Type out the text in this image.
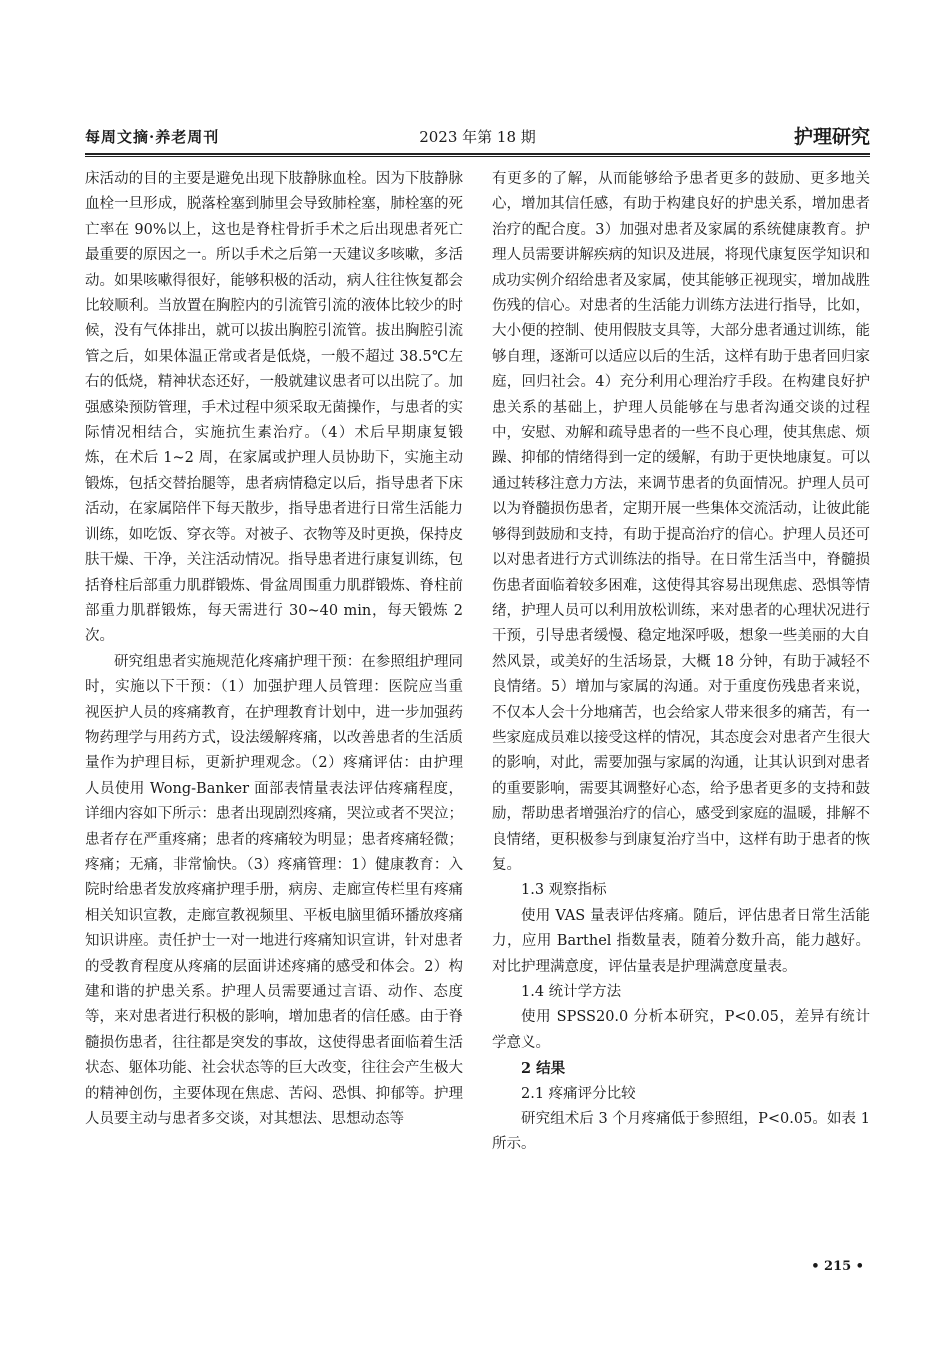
2023 年第 18 期
每周文摘·养老周刊	护理研究

床活动的目的主要是避免出现下肢静脉血栓。因为下肢静脉血栓一旦形成，脱落栓塞到肺里会导致肺栓塞，肺栓塞的死亡率在 90%以上，这也是脊柱骨折手术之后出现患者死亡最重要的原因之一。所以手术之后第一天建议多咳嗽，多活动。如果咳嗽得很好，能够积极的活动，病人往往恢复都会比较顺利。当放置在胸腔内的引流管引流的液体比较少的时候，没有气体排出，就可以拔出胸腔引流管。拔出胸腔引流管之后，如果体温正常或者是低烧，一般不超过 38.5℃左右的低烧，精神状态还好，一般就建议患者可以出院了。加强感染预防管理，手术过程中须采取无菌操作，与患者的实际情况相结合，实施抗生素治疗。（4）术后早期康复锻炼，在术后 1~2 周，在家属或护理人员协助下，实施主动锻炼，包括交替抬腿等，患者病情稳定以后，指导患者下床活动，在家属陪伴下每天散步，指导患者进行日常生活能力训练，如吃饭、穿衣等。对被子、衣物等及时更换，保持皮肤干燥、干净，关注活动情况。指导患者进行康复训练，包括脊柱后部重力肌群锻炼、骨盆周围重力肌群锻炼、脊柱前部重力肌群锻炼，每天需进行 30~40 min，每天锻炼 2 次。

研究组患者实施规范化疼痛护理干预：在参照组护理同时，实施以下干预：（1）加强护理人员管理：医院应当重视医护人员的疼痛教育，在护理教育计划中，进一步加强药物药理学与用药方式，设法缓解疼痛，以改善患者的生活质量作为护理目标，更新护理观念。（2）疼痛评估：由护理人员使用 Wong-Banker 面部表情量表法评估疼痛程度，详细内容如下所示：患者出现剧烈疼痛，哭泣或者不哭泣；患者存在严重疼痛；患者的疼痛较为明显；患者疼痛轻微；疼痛；无痛，非常愉快。（3）疼痛管理：1）健康教育：入院时给患者发放疼痛护理手册，病房、走廊宣传栏里有疼痛相关知识宣教，走廊宣教视频里、平板电脑里循环播放疼痛知识讲座。责任护士一对一地进行疼痛知识宣讲，针对患者的受教育程度从疼痛的层面讲述疼痛的感受和体会。2）构建和谐的护患关系。护理人员需要通过言语、动作、态度等，来对患者进行积极的影响，增加患者的信任感。由于脊髓损伤患者，往往都是突发的事故，这使得患者面临着生活状态、躯体功能、社会状态等的巨大改变，往往会产生极大的精神创伤，主要体现在焦虑、苦闷、恐惧、抑郁等。护理人员要主动与患者多交谈，对其想法、思想动态等

有更多的了解，从而能够给予患者更多的鼓励、更多地关心，增加其信任感，有助于构建良好的护患关系，增加患者治疗的配合度。3）加强对患者及家属的系统健康教育。护理人员需要讲解疾病的知识及进展，将现代康复医学知识和成功实例介绍给患者及家属，使其能够正视现实，增加战胜伤残的信心。对患者的生活能力训练方法进行指导，比如，大小便的控制、使用假肢支具等，大部分患者通过训练，能够自理，逐渐可以适应以后的生活，这样有助于患者回归家庭，回归社会。4）充分利用心理治疗手段。在构建良好护患关系的基础上，护理人员能够在与患者沟通交谈的过程中，安慰、劝解和疏导患者的一些不良心理，使其焦虑、烦躁、抑郁的情绪得到一定的缓解，有助于更快地康复。可以通过转移注意力方法，来调节患者的负面情况。护理人员可以为脊髓损伤患者，定期开展一些集体交流活动，让彼此能够得到鼓励和支持，有助于提高治疗的信心。护理人员还可以对患者进行方式训练法的指导。在日常生活当中，脊髓损伤患者面临着较多困难，这使得其容易出现焦虑、恐惧等情绪，护理人员可以利用放松训练，来对患者的心理状况进行干预，引导患者缓慢、稳定地深呼吸，想象一些美丽的大自然风景，或美好的生活场景，大概 18 分钟，有助于减轻不良情绪。5）增加与家属的沟通。对于重度伤残患者来说，不仅本人会十分地痛苦，也会给家人带来很多的痛苦，有一些家庭成员难以接受这样的情况，其态度会对患者产生很大的影响，对此，需要加强与家属的沟通，让其认识到对患者的重要影响，需要其调整好心态，给予患者更多的支持和鼓励，帮助患者增强治疗的信心，感受到家庭的温暖，排解不良情绪，更积极参与到康复治疗当中，这样有助于患者的恢复。

1.3 观察指标

使用 VAS 量表评估疼痛。随后，评估患者日常生活能力，应用 Barthel 指数量表，随着分数升高，能力越好。对比护理满意度，评估量表是护理满意度量表。

1.4 统计学方法

使用 SPSS20.0 分析本研究，P<0.05，差异有统计学意义。

2 结果

2.1 疼痛评分比较

研究组术后 3 个月疼痛低于参照组，P<0.05。如表 1 所示。

• 215 •
